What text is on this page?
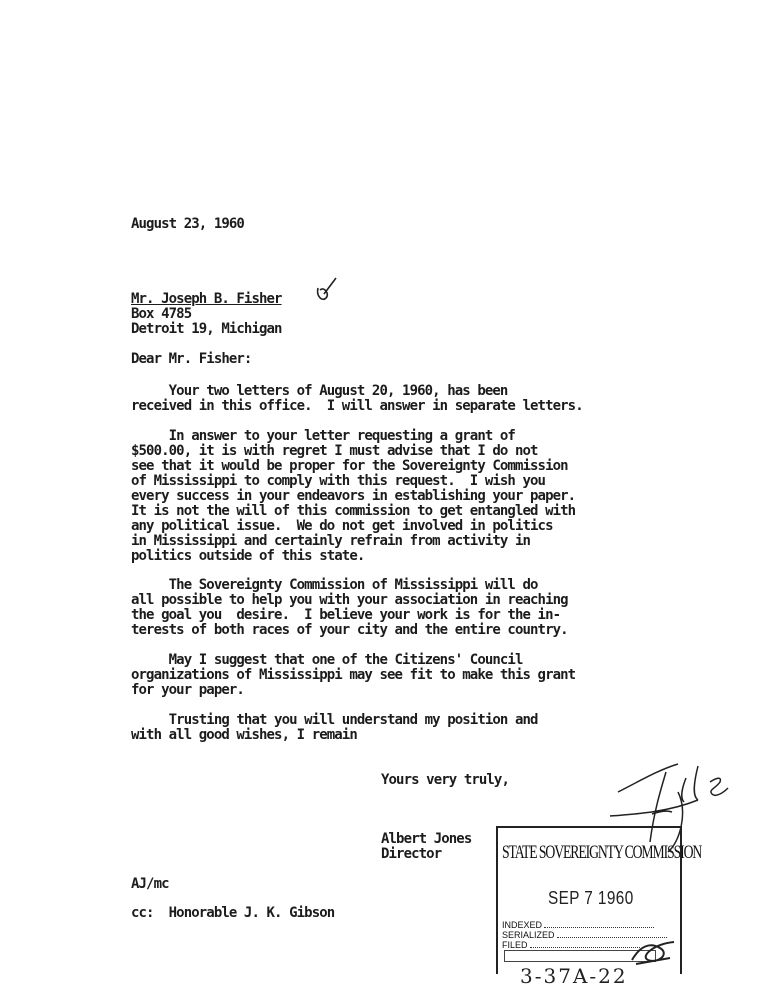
August 23, 1960
Mr. Joseph B. Fisher
Box 4785
Detroit 19, Michigan
Dear Mr. Fisher:
Your two letters of August 20, 1960, has been
received in this office.  I will answer in separate letters.
In answer to your letter requesting a grant of
$500.00, it is with regret I must advise that I do not
see that it would be proper for the Sovereignty Commission
of Mississippi to comply with this request.  I wish you
every success in your endeavors in establishing your paper.
It is not the will of this commission to get entangled with
any political issue.  We do not get involved in politics
in Mississippi and certainly refrain from activity in
politics outside of this state.
The Sovereignty Commission of Mississippi will do
all possible to help you with your association in reaching
the goal you  desire.  I believe your work is for the in-
terests of both races of your city and the entire country.
May I suggest that one of the Citizens' Council
organizations of Mississippi may see fit to make this grant
for your paper.
Trusting that you will understand my position and
with all good wishes, I remain
Yours very truly,
Albert Jones
Director
AJ/mc
cc:  Honorable J. K. Gibson
STATE SOVEREIGNTY COMMISSION
SEP 7 1960
INDEXED
SERIALIZED
FILED
3-37A-22
